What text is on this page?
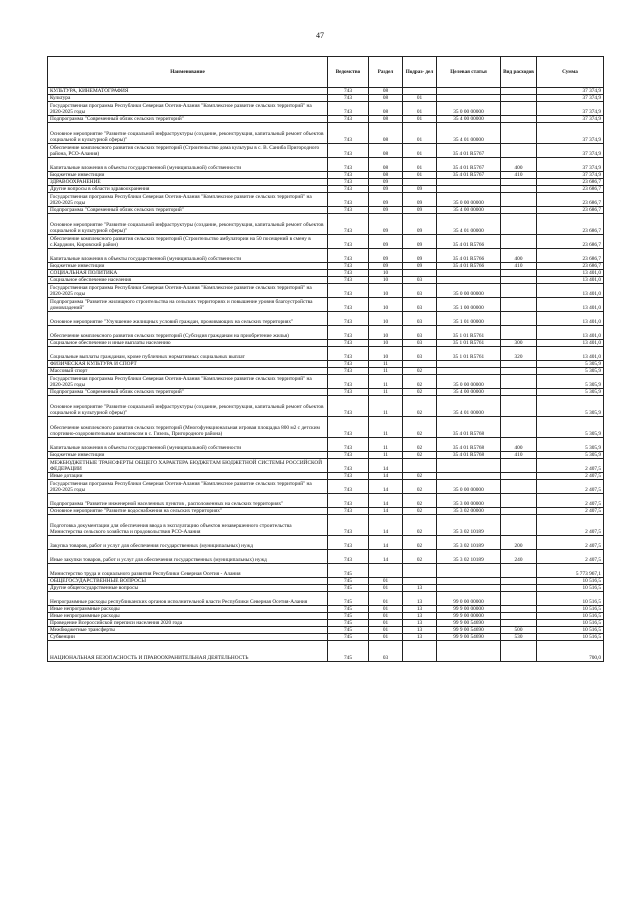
47
Наименование	Ведомство	Раздел	Подраз- дел	Целевая статья	Вид расходов	Сумма
КУЛЬТУРА, КИНЕМАТОГРАФИЯ	743	08				37 374,9
Культура	743	08	01			37 374,9
Государственная программа Республики Северная Осетия-Алания "Комплексное развитие сельских территорий" на 2020-2025 годы	743	08	01	35 0 00 00000		37 374,9
Подпрограмма "Современный облик сельских территорий"	743	08	01	35 4 00 00000		37 374,9
Основное мероприятие "Развитие социальной инфраструктуры (создание, реконструкция, капитальный ремонт объектов социальной и культурной сферы)"	743	08	01	35 4 01 00000		37 374,9
Обеспечение комплексного развития сельских территорий (Строительство дома культуры в с. В. Саниба Пригородного района, РСО-Алания)	743	08	01	35 4 01 R5767		37 374,9
Капитальные вложения в объекты государственной (муниципальной) собственности	743	08	01	35 4 01 R5767	400	37 374,9
Бюджетные инвестиции	743	08	01	35 4 01 R5767	410	37 374,9
ЗДРАВООХРАНЕНИЕ	743	09				23 686,7
Другие вопросы в области здравоохранения	743	09	09			23 686,7
Государственная программа Республики Северная Осетия-Алания "Комплексное развитие сельских территорий" на 2020-2025 годы	743	09	09	35 0 00 00000		23 686,7
Подпрограмма "Современный облик сельских территорий"	743	09	09	35 4 00 00000		23 686,7
Основное мероприятие "Развитие социальной инфраструктуры (создание, реконструкция, капитальный ремонт объектов социальной и культурной сферы)"	743	09	09	35 4 01 00000		23 686,7
Обеспечение комплексного развития сельских территорий (Строительство амбулатории на 50 посещений в смену в с.Карджин, Кировский район)	743	09	09	35 4 01 R5766		23 686,7
Капитальные вложения в объекты государственной (муниципальной) собственности	743	09	09	35 4 01 R5766	400	23 686,7
Бюджетные инвестиции	743	09	09	35 4 01 R5766	410	23 686,7
СОЦИАЛЬНАЯ ПОЛИТИКА	743	10				13 401,0
Социальное обеспечение населения	743	10	03			13 401,0
Государственная программа Республики Северная Осетия-Алания "Комплексное развитие сельских территорий" на 2020-2025 годы	743	10	03	35 0 00 00000		13 401,0
Подпрограмма "Развитие жилищного строительства на сельских территориях и повышение уровня благоустройства домовладений"	743	10	03	35 1 00 00000		13 401,0
Основное мероприятие "Улучшение жилищных условий граждан, проживающих на сельских территориях"	743	10	03	35 1 01 00000		13 401,0
Обеспечение комплексного развития сельских территорий (Субсидия гражданам на приобретение жилья)	743	10	03	35 1 01 R5761		13 401,0
Социальное обеспечение и иные выплаты населению	743	10	03	35 1 01 R5761	300	13 401,0
Социальные выплаты гражданам, кроме публичных нормативных социальных выплат	743	10	03	35 1 01 R5761	320	13 401,0
ФИЗИЧЕСКАЯ КУЛЬТУРА И СПОРТ	743	11				5 305,9
Массовый спорт	743	11	02			5 305,9
Государственная программа Республики Северная Осетия-Алания "Комплексное развитие сельских территорий" на 2020-2025 годы	743	11	02	35 0 00 00000		5 305,9
Подпрограмма "Современный облик сельских территорий"	743	11	02	35 4 00 00000		5 305,9
Основное мероприятие "Развитие социальной инфраструктуры (создание, реконструкция, капитальный ремонт объектов социальной и культурной сферы)"	743	11	02	35 4 01 00000		5 305,9
Обеспечение комплексного развития сельских территорий (Многофункциональная игровая площадка 800 м2 с детским спортивно-оздоровительным комплексом в с. Гизель, Пригородного района)	743	11	02	35 4 01 R5768		5 305,9
Капитальные вложения в объекты государственной (муниципальной) собственности	743	11	02	35 4 01 R5768	400	5 305,9
Бюджетные инвестиции	743	11	02	35 4 01 R5768	410	5 305,9
МЕЖБЮДЖЕТНЫЕ ТРАНСФЕРТЫ ОБЩЕГО ХАРАКТЕРА БЮДЖЕТАМ БЮДЖЕТНОЙ СИСТЕМЫ РОССИЙСКОЙ ФЕДЕРАЦИИ	743	14				2 407,5
Иные дотации	743	14	02			2 407,5
Государственная программа Республики Северная Осетия-Алания "Комплексное развитие сельских территорий" на 2020-2025 годы	743	14	02	35 0 00 00000		2 407,5
Подпрограмма "Развитие инженерной населенных пунктов , расположенных на сельских территориях"	743	14	02	35 3 00 00000		2 407,5
Основное мероприятие "Развитие водоснабжения на сельских территориях"	743	14	02	35 3 02 00000		2 407,5
Подготовка документации для обеспечения ввода в эксплуатацию объектов незавершенного строительства Министерства сельского хозяйства и продовольствия РСО-Алания	743	14	02	35 3 02 10189		2 407,5
Закупка товаров, работ и услуг для обеспечения государственных (муниципальных) нужд	743	14	02	35 3 02 10189	200	2 407,5
Иные закупки товаров, работ и услуг для обеспечения государственных (муниципальных) нужд	743	14	02	35 3 02 10189	240	2 407,5
Министерство труда и социального развития Республики Северная Осетия - Алания	745					5 773 967,1
ОБЩЕГОСУДАРСТВЕННЫЕ ВОПРОСЫ	745	01				10 516,5
Другие общегосударственные вопросы	745	01	13			10 516,5
Непрограммные расходы республиканских органов исполнительной власти Республики Северная Осетия-Алания	745	01	13	99 0 00 00000		10 516,5
Иные непрограммные расходы	745	01	13	99 9 00 00000		10 516,5
Иные непрограммные расходы	745	01	13	99 9 00 00000		10 516,5
Проведение Всероссийской переписи населения 2020 года	745	01	13	99 9 00 54690		10 516,5
Межбюджетные трансферты	745	01	13	99 9 00 54690	500	10 516,5
Субвенции	745	01	13	99 9 00 54690	530	10 516,5
НАЦИОНАЛЬНАЯ БЕЗОПАСНОСТЬ И ПРАВООХРАНИТЕЛЬНАЯ ДЕЯТЕЛЬНОСТЬ	745	03				700,0
